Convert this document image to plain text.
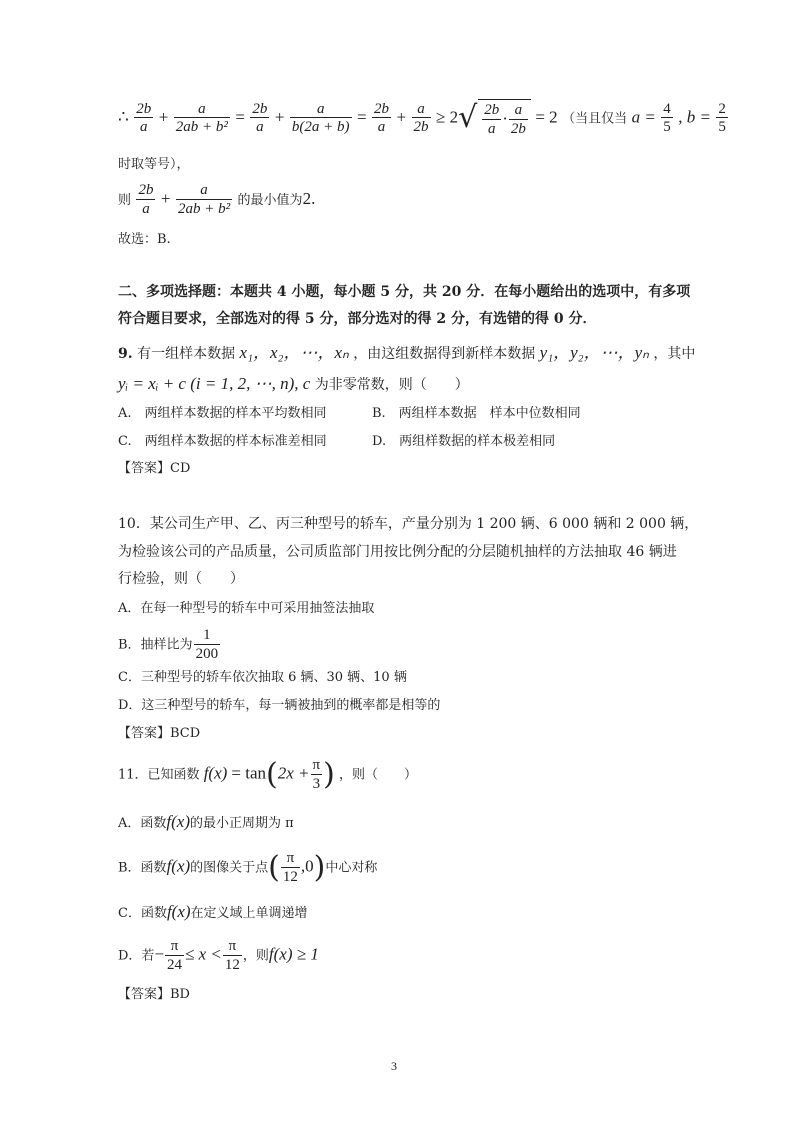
∴ $\frac{2b}{a} + \frac{a}{\text{2ab + b²}} = \frac{2b}{a} + \frac{a}{b(2a + b)} = \frac{2b}{a} + \frac{a}{2b} \ge 2√ \frac{2b}{a} \cdot \frac{a}{2b} = 2$ （当且仅当 $a = \frac{4}{5}$ , $b = \frac{2}{5}$
时取等号），
则 $\frac{2b}{a} + \frac{a}{\text{2ab + b²}}$ 的最小值为2.
故选：B.
二、多项选择题：本题共 4 小题，每小题 5 分，共 20 分．在每小题给出的选项中，有多项
符合题目要求，全部选对的得 5 分，部分选对的得 2 分，有选错的得 0 分．
9. 有一组样本数据 x₁，x₂，⋯，xₙ ，由这组数据得到新样本数据 y₁，y₂，⋯，yₙ ，其中
yᵢ = xᵢ + c (i = 1, 2, ⋯, n), c 为非零常数，则（　　）
A.　两组样本数据的样本平均数相同	B.　两组样本数据　样本中位数相同
C.　两组样本数据的样本标准差相同	D.　两组样数据的样本极差相同
【答案】CD
10．某公司生产甲、乙、丙三种型号的轿车，产量分别为 1 200 辆、6 000 辆和 2 000 辆，
为检验该公司的产品质量，公司质监部门用按比例分配的分层随机抽样的方法抽取 46 辆进
行检验，则（　　）
A．在每一种型号的轿车中可采用抽签法抽取
B．抽样比为 $\frac{1}{200}$
C．三种型号的轿车依次抽取 6 辆、30 辆、10 辆
D．这三种型号的轿车，每一辆被抽到的概率都是相等的
【答案】BCD
11．已知函数 $f(x) = \tan(2x + \frac{\pi}{3}$ ) ，则（　　）
A．函数f(x)的最小正周期为 π
B．函数f(x)的图像关于点( $\frac{\pi}{12} ,0$)中心对称
C．函数f(x)在定义域上单调递增
D．若− $\frac{\pi}{24} \le x < \frac{\pi}{12}$ ，则f(x) ≥ 1
【答案】BD
3
